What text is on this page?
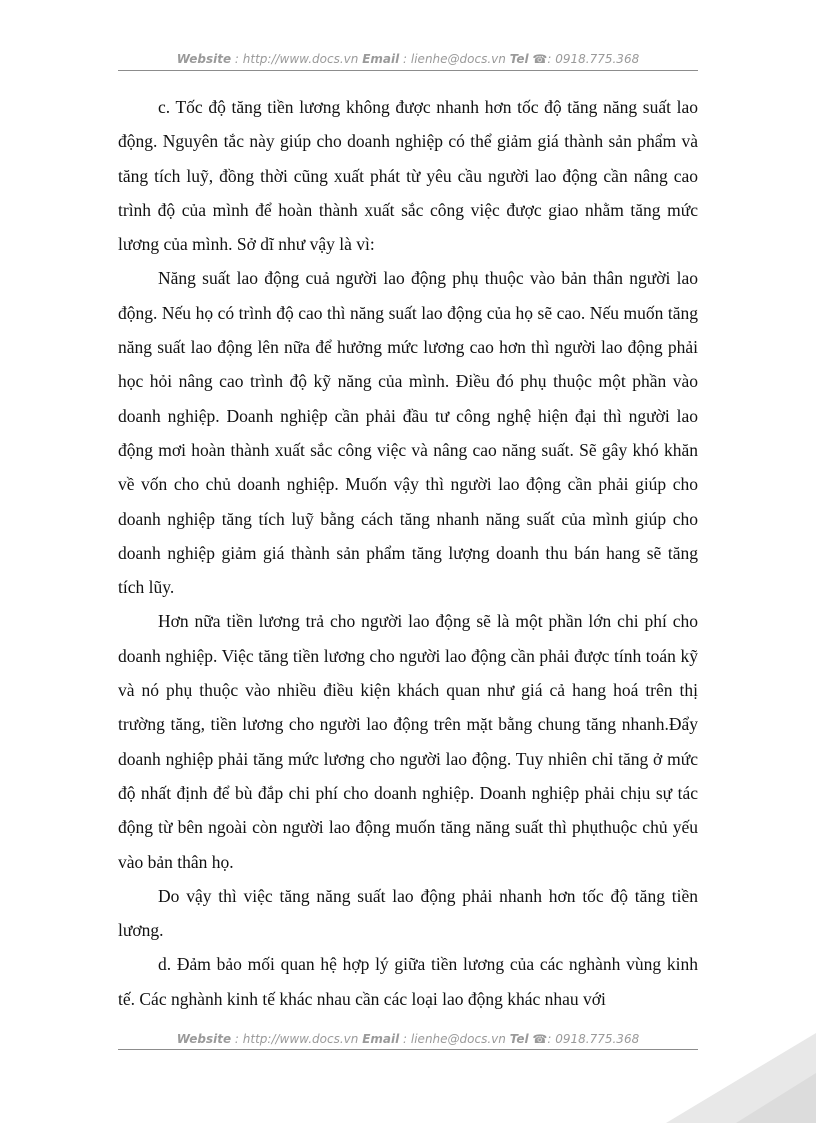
Website : http://www.docs.vn Email : lienhe@docs.vn Tel ☎: 0918.775.368

c. Tốc độ tăng tiền lương không được nhanh hơn tốc độ tăng năng suất lao động. Nguyên tắc này giúp cho doanh nghiệp có thể giảm giá thành sản phẩm và tăng tích luỹ, đồng thời cũng xuất phát từ yêu cầu người lao động cần nâng cao trình độ của mình để hoàn thành xuất sắc công việc được giao nhằm tăng mức lương của mình. Sở dĩ như vậy là vì:

Năng suất lao động cuả người lao động phụ thuộc vào bản thân người lao động. Nếu họ có trình độ cao thì năng suất lao động của họ sẽ cao. Nếu muốn tăng năng suất lao động lên nữa để hưởng mức lương cao hơn thì người lao động phải học hỏi nâng cao trình độ kỹ năng của mình. Điều đó phụ thuộc một phần vào doanh nghiệp. Doanh nghiệp cần phải đầu tư công nghệ hiện đại thì người lao động mơi hoàn thành xuất sắc công việc và nâng cao năng suất. Sẽ gây khó khăn về vốn cho chủ doanh nghiệp. Muốn vậy thì người lao động cần phải giúp cho doanh nghiệp tăng tích luỹ bằng cách tăng nhanh năng suất của mình giúp cho doanh nghiệp giảm giá thành sản phẩm tăng lượng doanh thu bán hang sẽ tăng tích lũy.

Hơn nữa tiền lương trả cho người lao động sẽ là một phần lớn chi phí cho doanh nghiệp. Việc tăng tiền lương cho người lao động cần phải được tính toán kỹ và nó phụ thuộc vào nhiều điều kiện khách quan như giá cả hang hoá trên thị trường tăng, tiền lương cho người lao động trên mặt bằng chung tăng nhanh.Đẩy doanh nghiệp phải tăng mức lương cho người lao động. Tuy nhiên chỉ tăng ở mức độ nhất định để bù đắp chi phí cho doanh nghiệp. Doanh nghiệp phải chịu sự tác động từ bên ngoài còn người lao động muốn tăng năng suất thì phụthuộc chủ yếu vào bản thân họ.

Do vậy thì việc tăng năng suất lao động phải nhanh hơn tốc độ tăng tiền lương.

d. Đảm bảo mối quan hệ hợp lý giữa tiền lương của các nghành vùng kinh tế. Các nghành kinh tế khác nhau cần các loại lao động khác nhau với

Website : http://www.docs.vn Email : lienhe@docs.vn Tel ☎: 0918.775.368
